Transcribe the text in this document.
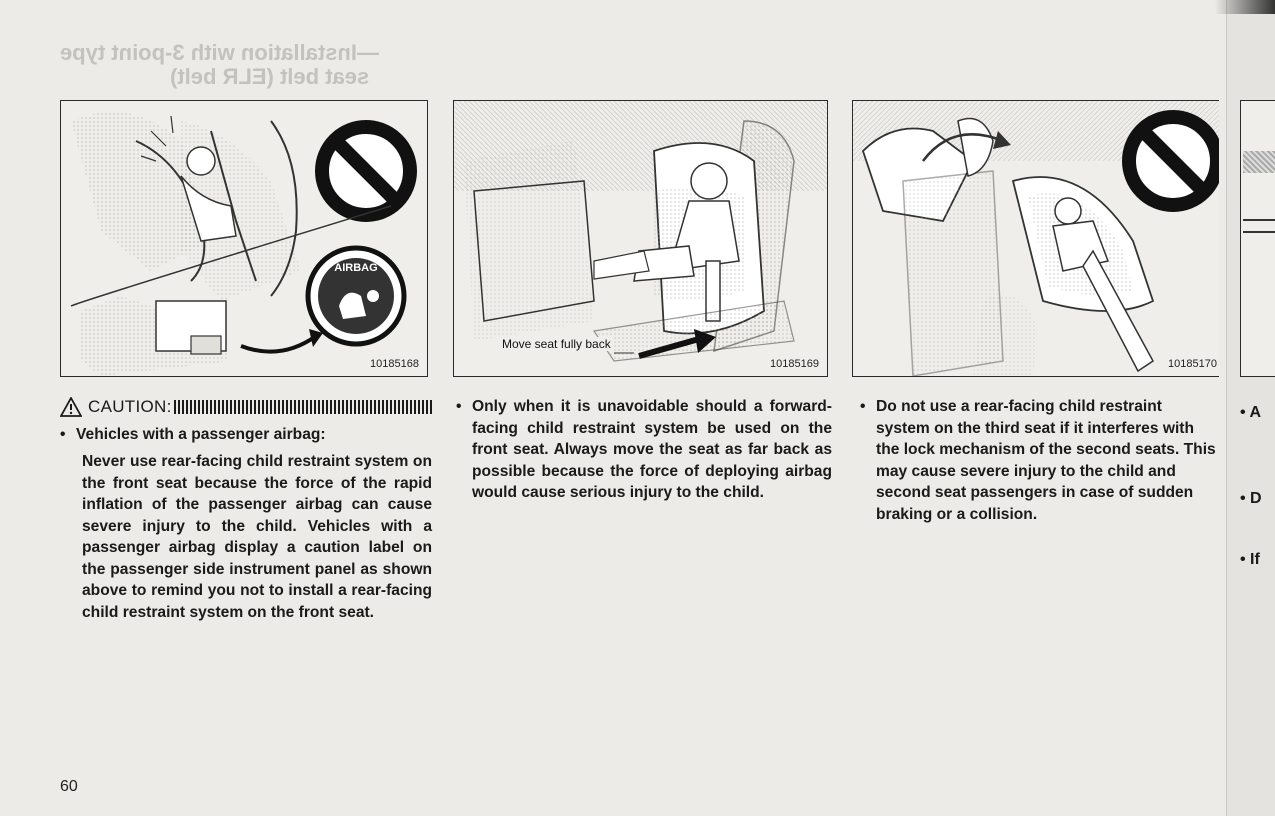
—Installation with 3-point type
seat belt (ELR belt)
AIRBAG
10185168
Move seat fully back
10185169	10185170
CAUTION:
• Vehicles with a passenger airbag:
Never use rear-facing child restraint system on the front seat because the force of the rapid inflation of the passenger airbag can cause severe injury to the child. Vehicles with a passenger airbag display a caution label on the passenger side instrument panel as shown above to remind you not to install a rear-facing child restraint system on the front seat.
• Only when it is unavoidable should a forward-facing child restraint system be used on the front seat. Always move the seat as far back as possible because the force of deploying airbag would cause serious injury to the child.
• Do not use a rear-facing child restraint system on the third seat if it interferes with the lock mechanism of the second seats. This may cause severe injury to the child and second seat passengers in case of sudden braking or a collision.
• A
• D
• If
60
